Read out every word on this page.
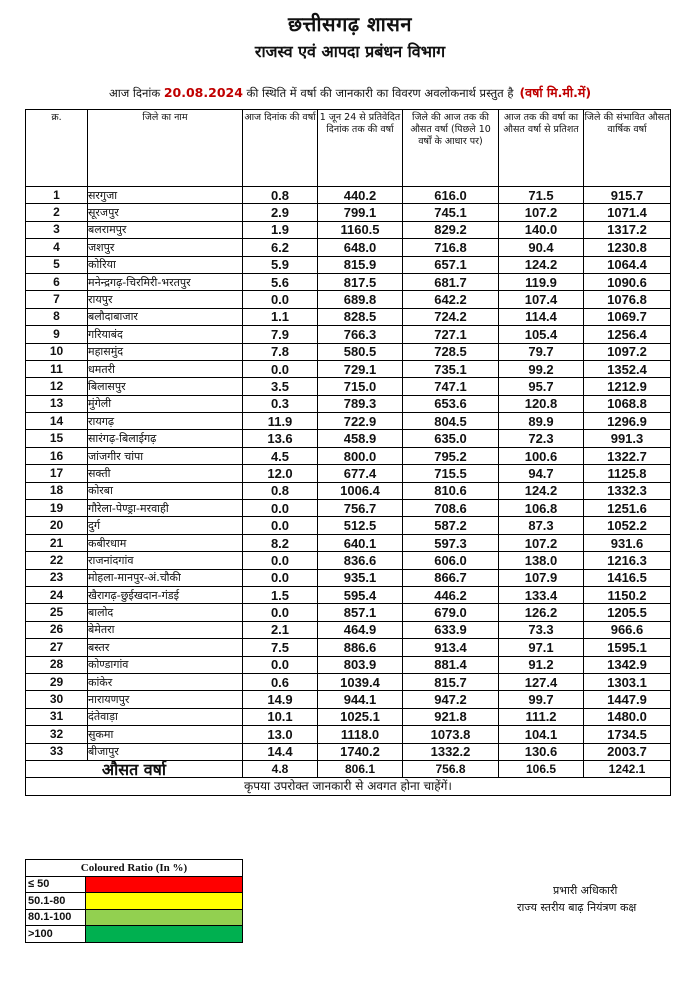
छत्तीसगढ़ शासन
राजस्व एवं आपदा प्रबंधन विभाग
आज दिनांक 20.08.2024 की स्थिति में वर्षा की जानकारी का विवरण अवलोकनार्थ प्रस्तुत है (वर्षा मि.मी.में)
क्र.	जिले का नाम	आज दिनांक की वर्षा	1 जून 24 से प्रतिवेदित दिनांक तक की वर्षा	जिले की आज तक की औसत वर्षा (पिछले 10 वर्षों के आधार पर)	आज तक की वर्षा का औसत वर्षा से प्रतिशत	जिले की संभावित औसत वार्षिक वर्षा
1	सरगुजा	0.8	440.2	616.0	71.5	915.7
2	सूरजपुर	2.9	799.1	745.1	107.2	1071.4
3	बलरामपुर	1.9	1160.5	829.2	140.0	1317.2
4	जशपुर	6.2	648.0	716.8	90.4	1230.8
5	कोरिया	5.9	815.9	657.1	124.2	1064.4
6	मनेन्द्रगढ़-चिरमिरी-भरतपुर	5.6	817.5	681.7	119.9	1090.6
7	रायपुर	0.0	689.8	642.2	107.4	1076.8
8	बलौदाबाजार	1.1	828.5	724.2	114.4	1069.7
9	गरियाबंद	7.9	766.3	727.1	105.4	1256.4
10	महासमुंद	7.8	580.5	728.5	79.7	1097.2
11	धमतरी	0.0	729.1	735.1	99.2	1352.4
12	बिलासपुर	3.5	715.0	747.1	95.7	1212.9
13	मुंगेली	0.3	789.3	653.6	120.8	1068.8
14	रायगढ़	11.9	722.9	804.5	89.9	1296.9
15	सारंगढ़-बिलाईगढ़	13.6	458.9	635.0	72.3	991.3
16	जांजगीर चांपा	4.5	800.0	795.2	100.6	1322.7
17	सक्ती	12.0	677.4	715.5	94.7	1125.8
18	कोरबा	0.8	1006.4	810.6	124.2	1332.3
19	गौरेला-पेण्ड्रा-मरवाही	0.0	756.7	708.6	106.8	1251.6
20	दुर्ग	0.0	512.5	587.2	87.3	1052.2
21	कबीरधाम	8.2	640.1	597.3	107.2	931.6
22	राजनांदगांव	0.0	836.6	606.0	138.0	1216.3
23	मोहला-मानपुर-अं.चौकी	0.0	935.1	866.7	107.9	1416.5
24	खैरागढ़-छुईखदान-गंडई	1.5	595.4	446.2	133.4	1150.2
25	बालोद	0.0	857.1	679.0	126.2	1205.5
26	बेमेतरा	2.1	464.9	633.9	73.3	966.6
27	बस्तर	7.5	886.6	913.4	97.1	1595.1
28	कोण्डागांव	0.0	803.9	881.4	91.2	1342.9
29	कांकेर	0.6	1039.4	815.7	127.4	1303.1
30	नारायणपुर	14.9	944.1	947.2	99.7	1447.9
31	दंतेवाड़ा	10.1	1025.1	921.8	111.2	1480.0
32	सुकमा	13.0	1118.0	1073.8	104.1	1734.5
33	बीजापुर	14.4	1740.2	1332.2	130.6	2003.7
औसत वर्षा		4.8	806.1	756.8	106.5	1242.1
कृपया उपरोक्त जानकारी से अवगत होना चाहेंगें।						
Coloured Ratio (In %)	
≤ 50	
50.1-80	
80.1-100	
>100	
प्रभारी अधिकारी
राज्य स्तरीय बाढ़ नियंत्रण कक्ष
